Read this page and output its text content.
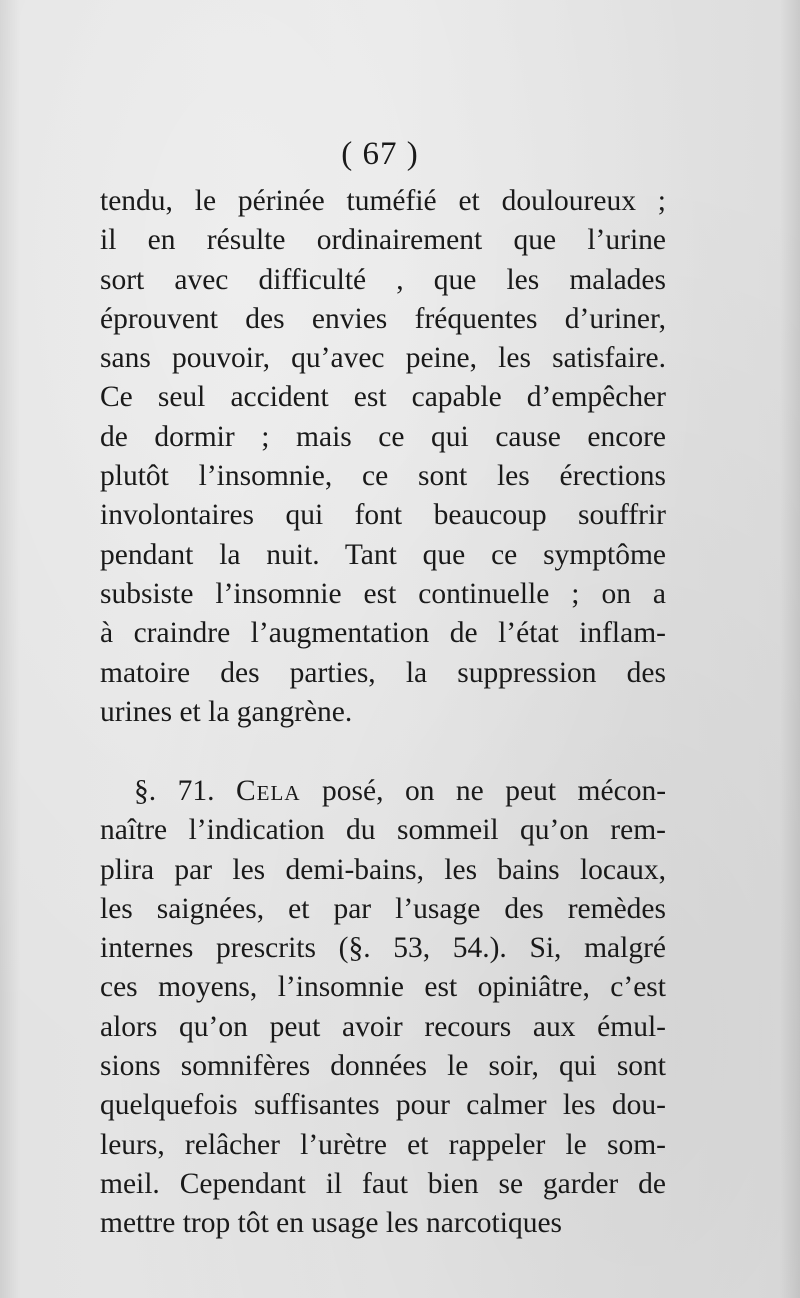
( 67 )
tendu, le périnée tuméfié et douloureux ;
il en résulte ordinairement que l’urine
sort avec difficulté , que les malades
éprouvent des envies fréquentes d’uriner,
sans pouvoir, qu’avec peine, les satisfaire.
Ce seul accident est capable d’empêcher
de dormir ; mais ce qui cause encore
plutôt l’insomnie, ce sont les érections
involontaires qui font beaucoup souffrir
pendant la nuit. Tant que ce symptôme
subsiste l’insomnie est continuelle ; on a
à craindre l’augmentation de l’état inflam-
matoire des parties, la suppression des
urines et la gangrène.
§. 71. Cela posé, on ne peut mécon-
naître l’indication du sommeil qu’on rem-
plira par les demi-bains, les bains locaux,
les saignées, et par l’usage des remèdes
internes prescrits (§. 53, 54.). Si, malgré
ces moyens, l’insomnie est opiniâtre, c’est
alors qu’on peut avoir recours aux émul-
sions somnifères données le soir, qui sont
quelquefois suffisantes pour calmer les dou-
leurs, relâcher l’urètre et rappeler le som-
meil. Cependant il faut bien se garder de
mettre trop tôt en usage les narcotiques
